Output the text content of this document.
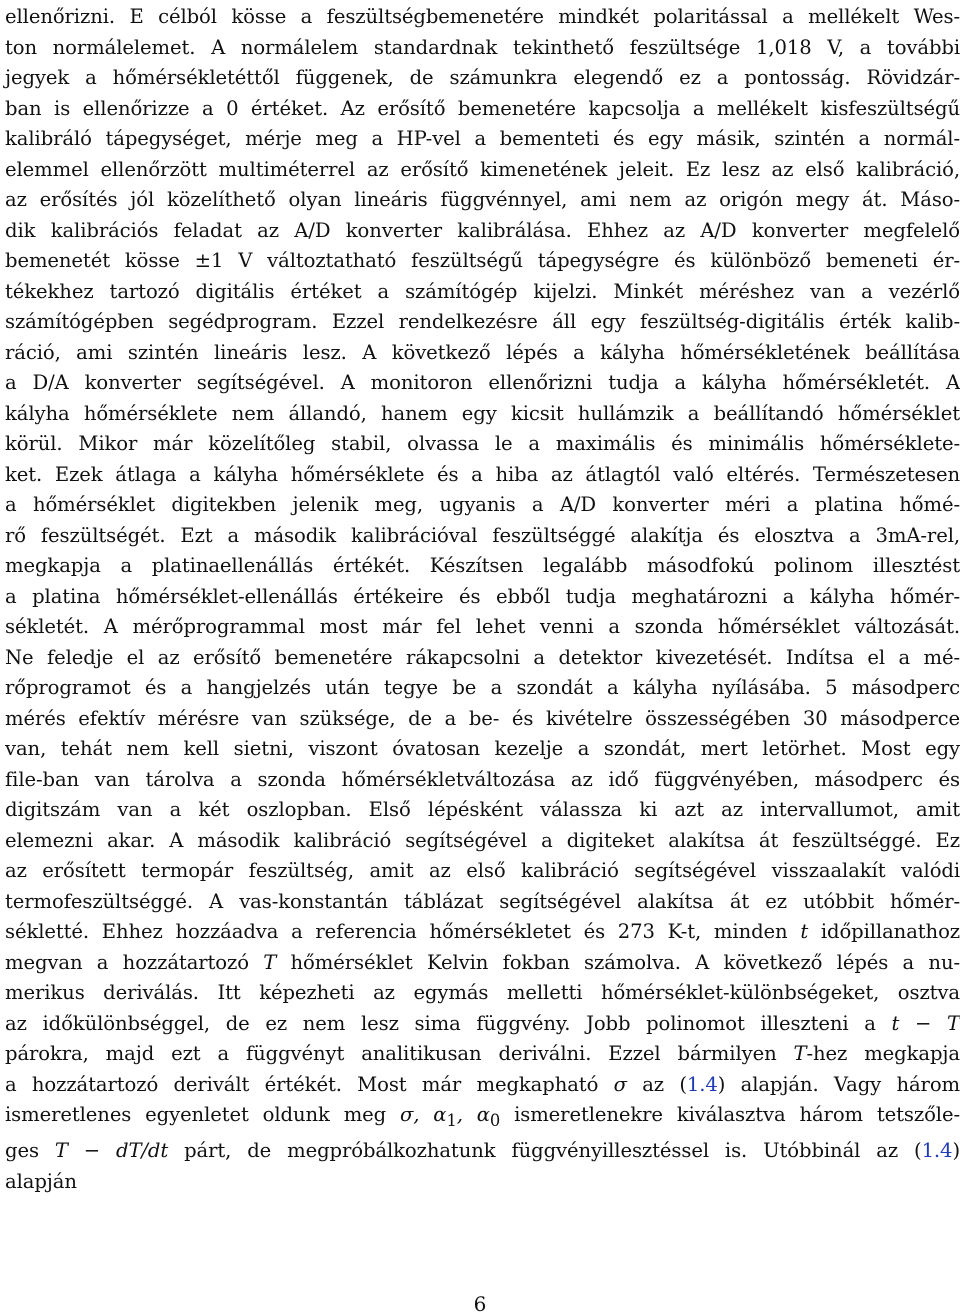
ellenőrizni. E célból kösse a feszültségbemenetére mindkét polaritással a mellékelt Wes-
ton normálelemet. A normálelem standardnak tekinthető feszültsége 1,018 V, a további
jegyek a hőmérsékletéttől függenek, de számunkra elegendő ez a pontosság. Rövidzár-
ban is ellenőrizze a 0 értéket. Az erősítő bemenetére kapcsolja a mellékelt kisfeszültségű
kalibráló tápegységet, mérje meg a HP-vel a bementeti és egy másik, szintén a normál-
elemmel ellenőrzött multiméterrel az erősítő kimenetének jeleit. Ez lesz az első kalibráció,
az erősítés jól közelíthető olyan lineáris függvénnyel, ami nem az origón megy át. Máso-
dik kalibrációs feladat az A/D konverter kalibrálása. Ehhez az A/D konverter megfelelő
bemenetét kösse ±1 V változtatható feszültségű tápegységre és különböző bemeneti ér-
tékekhez tartozó digitális értéket a számítógép kijelzi. Minkét méréshez van a vezérlő
számítógépben segédprogram. Ezzel rendelkezésre áll egy feszültség-digitális érték kalib-
ráció, ami szintén lineáris lesz. A következő lépés a kályha hőmérsékletének beállítása
a D/A konverter segítségével. A monitoron ellenőrizni tudja a kályha hőmérsékletét. A
kályha hőmérséklete nem állandó, hanem egy kicsit hullámzik a beállítandó hőmérséklet
körül. Mikor már közelítőleg stabil, olvassa le a maximális és minimális hőmérséklete-
ket. Ezek átlaga a kályha hőmérséklete és a hiba az átlagtól való eltérés. Természetesen
a hőmérséklet digitekben jelenik meg, ugyanis a A/D konverter méri a platina hőmé-
rő feszültségét. Ezt a második kalibrációval feszültséggé alakítja és elosztva a 3mA-rel,
megkapja a platinaellenállás értékét. Készítsen legalább másodfokú polinom illesztést
a platina hőmérséklet-ellenállás értékeire és ebből tudja meghatározni a kályha hőmér-
sékletét. A mérőprogrammal most már fel lehet venni a szonda hőmérséklet változását.
Ne feledje el az erősítő bemenetére rákapcsolni a detektor kivezetését. Indítsa el a mé-
rőprogramot és a hangjelzés után tegye be a szondát a kályha nyílásába. 5 másodperc
mérés efektív mérésre van szüksége, de a be- és kivételre összességében 30 másodperce
van, tehát nem kell sietni, viszont óvatosan kezelje a szondát, mert letörhet. Most egy
file-ban van tárolva a szonda hőmérsékletváltozása az idő függvényében, másodperc és
digitszám van a két oszlopban. Első lépésként válassza ki azt az intervallumot, amit
elemezni akar. A második kalibráció segítségével a digiteket alakítsa át feszültséggé. Ez
az erősített termopár feszültség, amit az első kalibráció segítségével visszaalakít valódi
termofeszültséggé. A vas-konstantán táblázat segítségével alakítsa át ez utóbbit hőmér-
sékletté. Ehhez hozzáadva a referencia hőmérsékletet és 273 K-t, minden t időpillanathoz
megvan a hozzátartozó T hőmérséklet Kelvin fokban számolva. A következő lépés a nu-
merikus deriválás. Itt képezheti az egymás melletti hőmérséklet-különbségeket, osztva
az időkülönbséggel, de ez nem lesz sima függvény. Jobb polinomot illeszteni a t − T
párokra, majd ezt a függvényt analitikusan deriválni. Ezzel bármilyen T-hez megkapja
a hozzátartozó derivált értékét. Most már megkapható σ az (1.4) alapján. Vagy három
ismeretlenes egyenletet oldunk meg σ, $\alpha_1$, $\alpha_0$ ismeretlenekre kiválasztva három tetszőle-
ges T − dT/dt párt, de megpróbálkozhatunk függvényillesztéssel is. Utóbbinál az (1.4)
alapján
6
